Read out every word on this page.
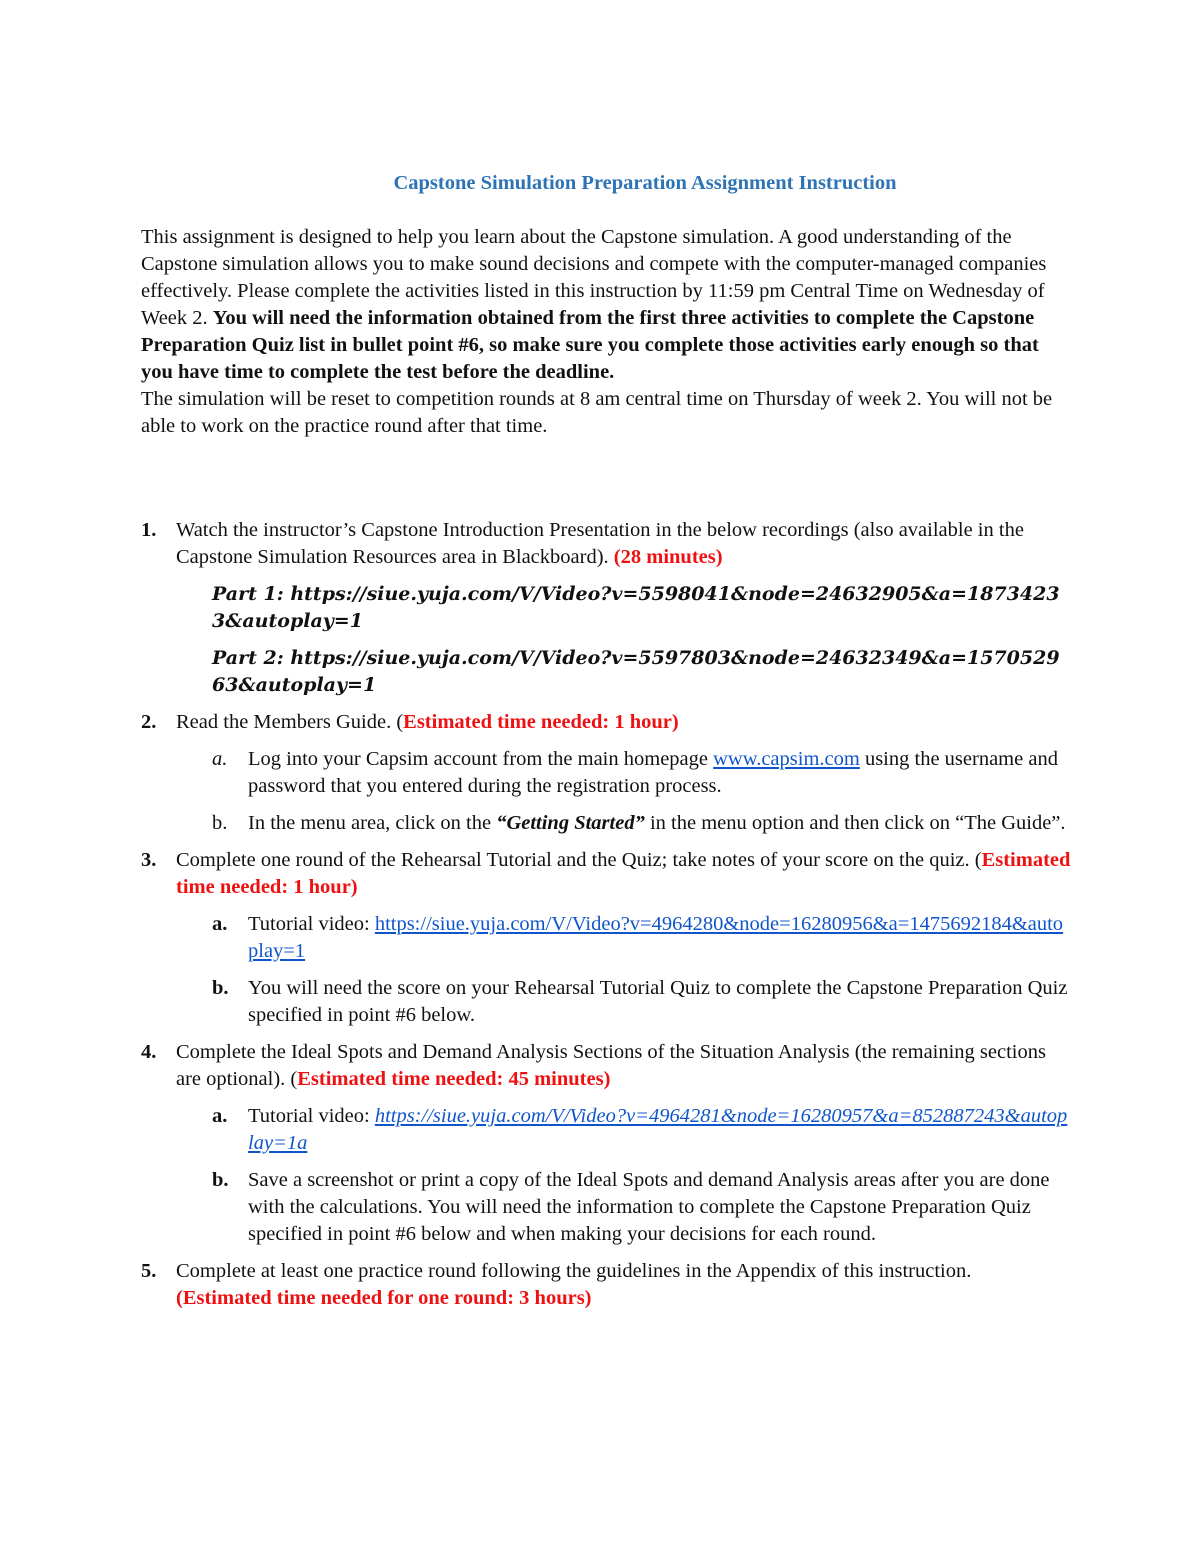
Capstone Simulation Preparation Assignment Instruction

This assignment is designed to help you learn about the Capstone simulation. A good understanding of the Capstone simulation allows you to make sound decisions and compete with the computer-managed companies effectively. Please complete the activities listed in this instruction by 11:59 pm Central Time on Wednesday of Week 2. You will need the information obtained from the first three activities to complete the Capstone Preparation Quiz list in bullet point #6, so make sure you complete those activities early enough so that you have time to complete the test before the deadline.

The simulation will be reset to competition rounds at 8 am central time on Thursday of week 2. You will not be able to work on the practice round after that time.

1. Watch the instructor’s Capstone Introduction Presentation in the below recordings (also available in the Capstone Simulation Resources area in Blackboard). (28 minutes)
Part 1: https://siue.yuja.com/V/Video?v=5598041&node=24632905&a=18734233&autoplay=1
Part 2: https://siue.yuja.com/V/Video?v=5597803&node=24632349&a=157052963&autoplay=1
2. Read the Members Guide. (Estimated time needed: 1 hour)
a. Log into your Capsim account from the main homepage www.capsim.com using the username and password that you entered during the registration process.
b. In the menu area, click on the “Getting Started” in the menu option and then click on “The Guide”.
3. Complete one round of the Rehearsal Tutorial and the Quiz; take notes of your score on the quiz. (Estimated time needed: 1 hour)
a. Tutorial video: https://siue.yuja.com/V/Video?v=4964280&node=16280956&a=1475692184&autoplay=1
b. You will need the score on your Rehearsal Tutorial Quiz to complete the Capstone Preparation Quiz specified in point #6 below.
4. Complete the Ideal Spots and Demand Analysis Sections of the Situation Analysis (the remaining sections are optional). (Estimated time needed: 45 minutes)
a. Tutorial video: https://siue.yuja.com/V/Video?v=4964281&node=16280957&a=852887243&autoplay=1a
b. Save a screenshot or print a copy of the Ideal Spots and demand Analysis areas after you are done with the calculations. You will need the information to complete the Capstone Preparation Quiz specified in point #6 below and when making your decisions for each round.
5. Complete at least one practice round following the guidelines in the Appendix of this instruction. (Estimated time needed for one round: 3 hours)
